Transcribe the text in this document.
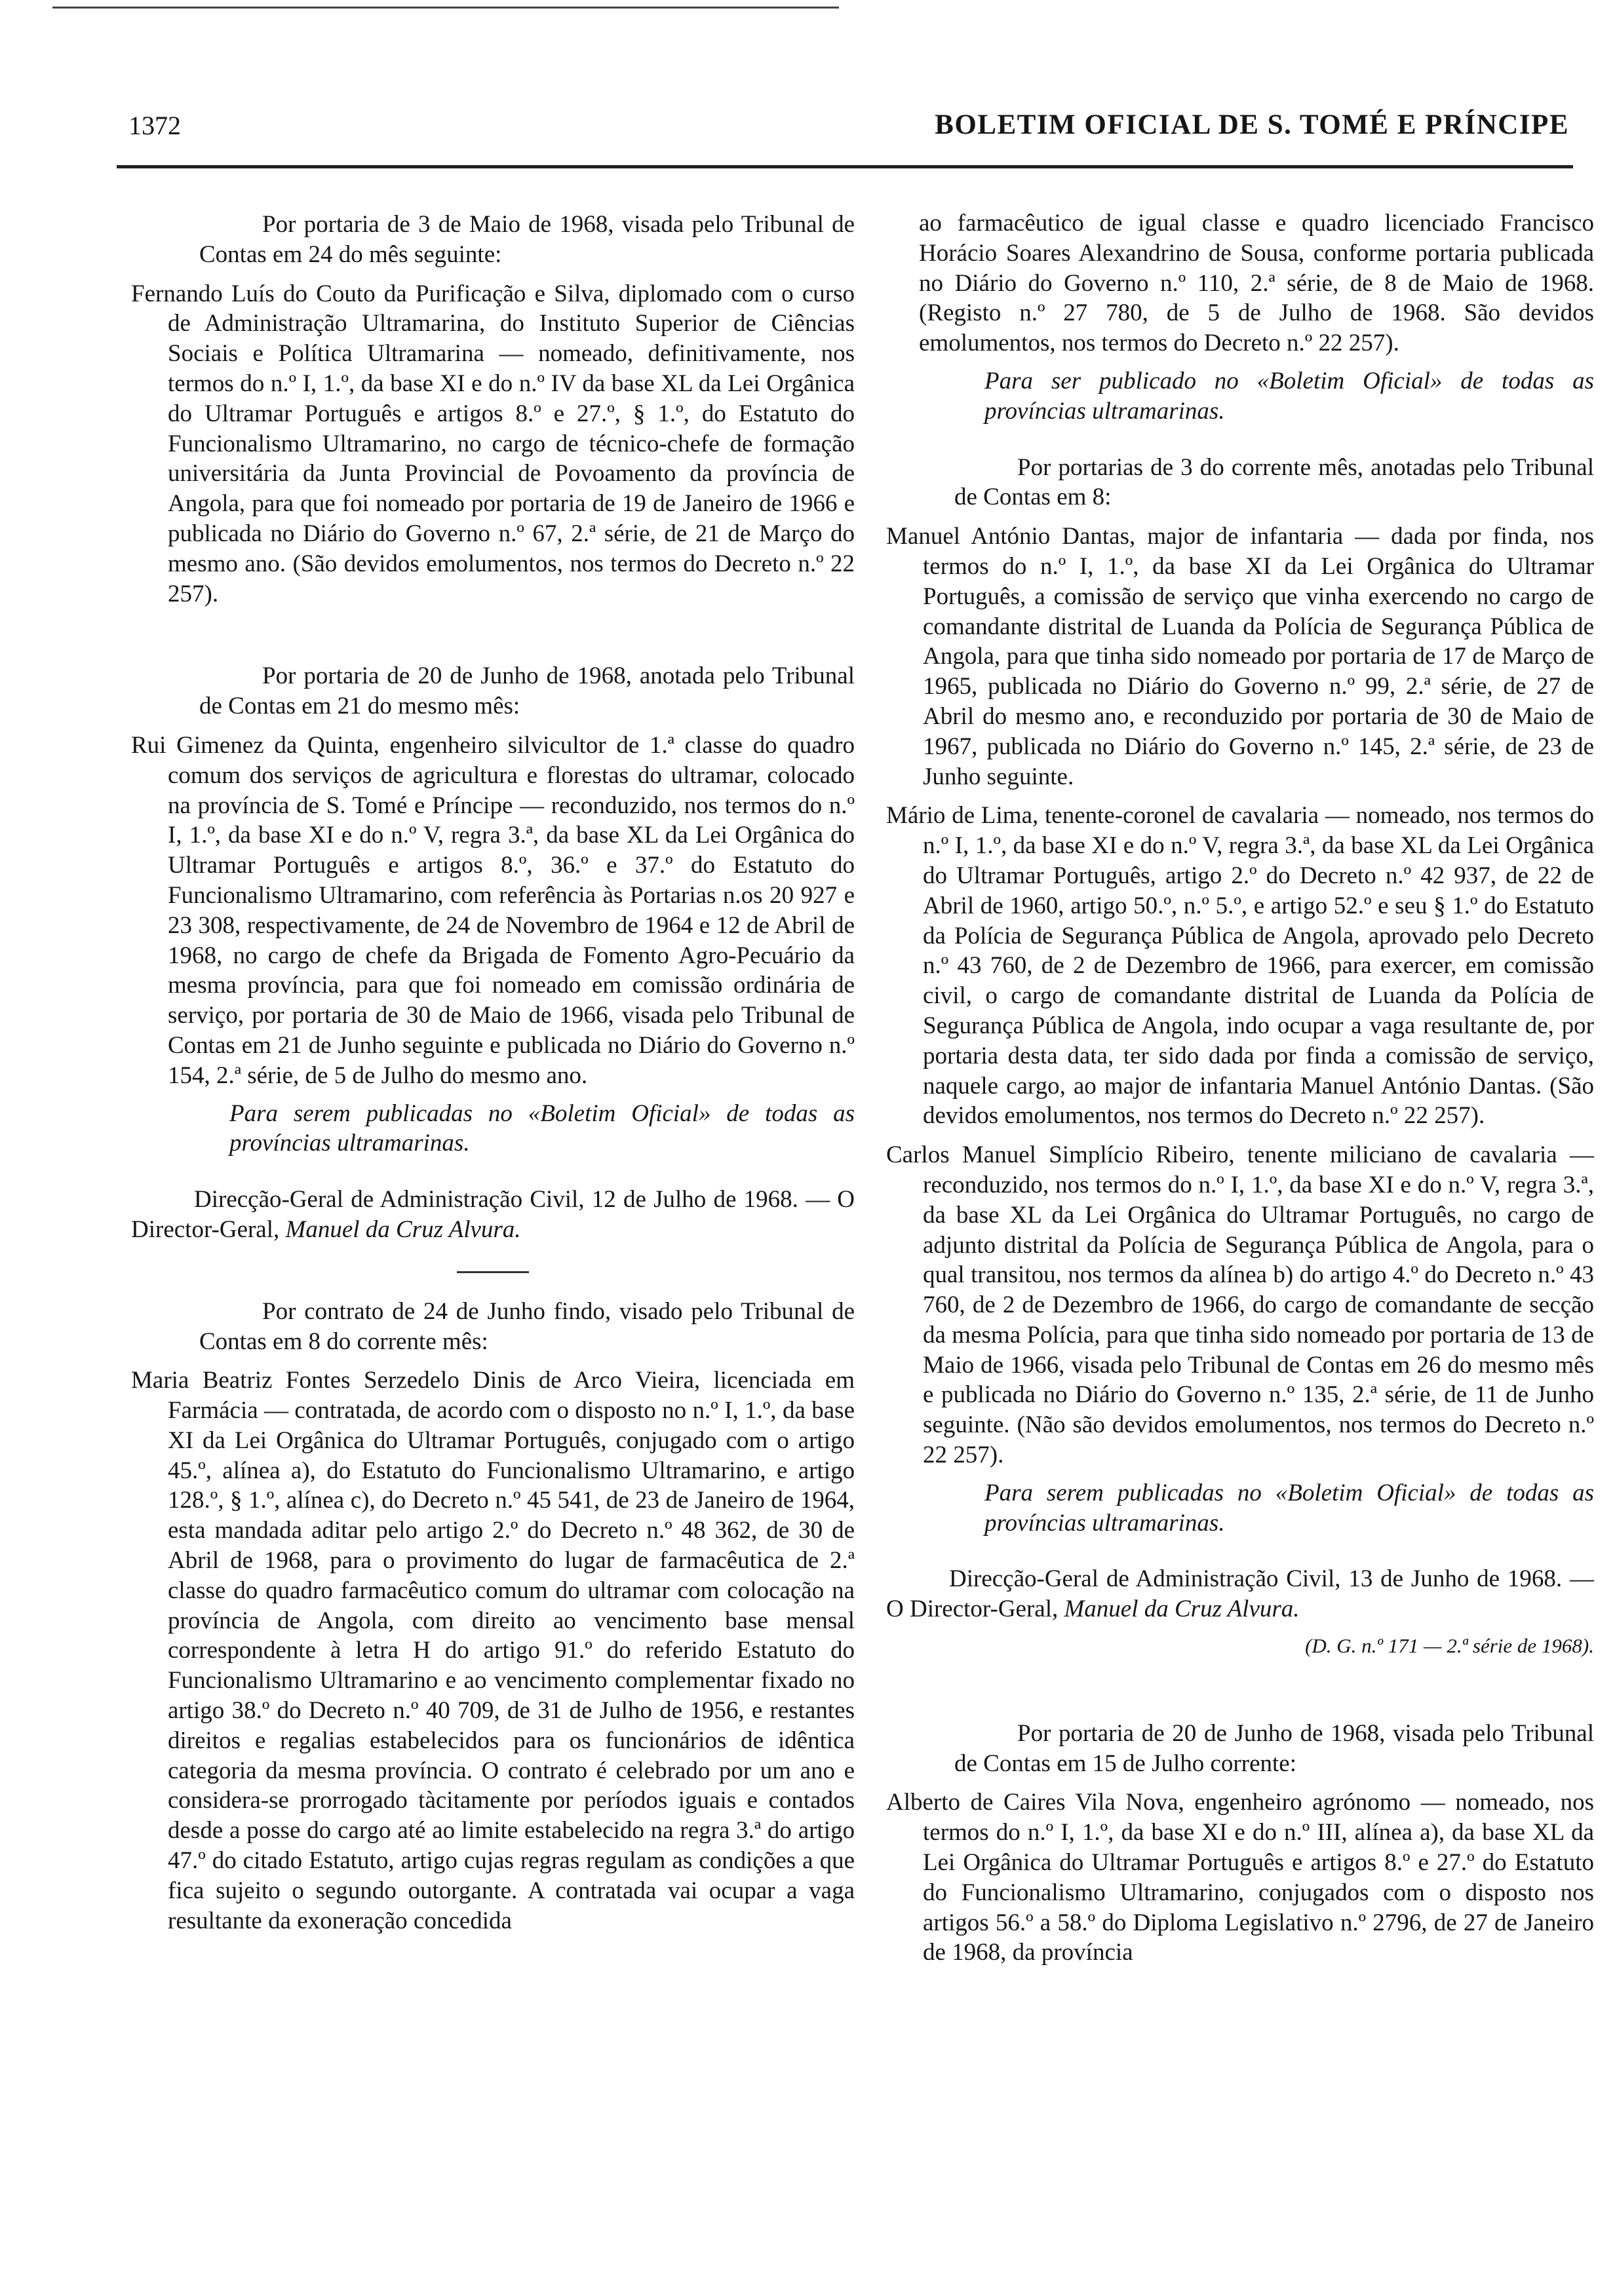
1372	BOLETIM OFICIAL DE S. TOMÉ E PRÍNCIPE

Por portaria de 3 de Maio de 1968, visada pelo Tribunal de Contas em 24 do mês seguinte:

Fernando Luís do Couto da Purificação e Silva, diplomado com o curso de Administração Ultramarina, do Instituto Superior de Ciências Sociais e Política Ultramarina — nomeado, definitivamente, nos termos do n.º I, 1.º, da base XI e do n.º IV da base XL da Lei Orgânica do Ultramar Português e artigos 8.º e 27.º, § 1.º, do Estatuto do Funcionalismo Ultramarino, no cargo de técnico-chefe de formação universitária da Junta Provincial de Povoamento da província de Angola, para que foi nomeado por portaria de 19 de Janeiro de 1966 e publicada no Diário do Governo n.º 67, 2.ª série, de 21 de Março do mesmo ano. (São devidos emolumentos, nos termos do Decreto n.º 22 257).

Por portaria de 20 de Junho de 1968, anotada pelo Tribunal de Contas em 21 do mesmo mês:

Rui Gimenez da Quinta, engenheiro silvicultor de 1.ª classe do quadro comum dos serviços de agricultura e florestas do ultramar, colocado na província de S. Tomé e Príncipe — reconduzido, nos termos do n.º I, 1.º, da base XI e do n.º V, regra 3.ª, da base XL da Lei Orgânica do Ultramar Português e artigos 8.º, 36.º e 37.º do Estatuto do Funcionalismo Ultramarino, com referência às Portarias n.os 20 927 e 23 308, respectivamente, de 24 de Novembro de 1964 e 12 de Abril de 1968, no cargo de chefe da Brigada de Fomento Agro-Pecuário da mesma província, para que foi nomeado em comissão ordinária de serviço, por portaria de 30 de Maio de 1966, visada pelo Tribunal de Contas em 21 de Junho seguinte e publicada no Diário do Governo n.º 154, 2.ª série, de 5 de Julho do mesmo ano.

Para serem publicadas no «Boletim Oficial» de todas as províncias ultramarinas.

Direcção-Geral de Administração Civil, 12 de Julho de 1968. — O Director-Geral, Manuel da Cruz Alvura.

Por contrato de 24 de Junho findo, visado pelo Tribunal de Contas em 8 do corrente mês:

Maria Beatriz Fontes Serzedelo Dinis de Arco Vieira, licenciada em Farmácia — contratada, de acordo com o disposto no n.º I, 1.º, da base XI da Lei Orgânica do Ultramar Português, conjugado com o artigo 45.º, alínea a), do Estatuto do Funcionalismo Ultramarino, e artigo 128.º, § 1.º, alínea c), do Decreto n.º 45 541, de 23 de Janeiro de 1964, esta mandada aditar pelo artigo 2.º do Decreto n.º 48 362, de 30 de Abril de 1968, para o provimento do lugar de farmacêutica de 2.ª classe do quadro farmacêutico comum do ultramar com colocação na província de Angola, com direito ao vencimento base mensal correspondente à letra H do artigo 91.º do referido Estatuto do Funcionalismo Ultramarino e ao vencimento complementar fixado no artigo 38.º do Decreto n.º 40 709, de 31 de Julho de 1956, e restantes direitos e regalias estabelecidos para os funcionários de idêntica categoria da mesma província. O contrato é celebrado por um ano e considera-se prorrogado tàcitamente por períodos iguais e contados desde a posse do cargo até ao limite estabelecido na regra 3.ª do artigo 47.º do citado Estatuto, artigo cujas regras regulam as condições a que fica sujeito o segundo outorgante. A contratada vai ocupar a vaga resultante da exoneração concedida

ao farmacêutico de igual classe e quadro licenciado Francisco Horácio Soares Alexandrino de Sousa, conforme portaria publicada no Diário do Governo n.º 110, 2.ª série, de 8 de Maio de 1968. (Registo n.º 27 780, de 5 de Julho de 1968. São devidos emolumentos, nos termos do Decreto n.º 22 257).

Para ser publicado no «Boletim Oficial» de todas as províncias ultramarinas.

Por portarias de 3 do corrente mês, anotadas pelo Tribunal de Contas em 8:

Manuel António Dantas, major de infantaria — dada por finda, nos termos do n.º I, 1.º, da base XI da Lei Orgânica do Ultramar Português, a comissão de serviço que vinha exercendo no cargo de comandante distrital de Luanda da Polícia de Segurança Pública de Angola, para que tinha sido nomeado por portaria de 17 de Março de 1965, publicada no Diário do Governo n.º 99, 2.ª série, de 27 de Abril do mesmo ano, e reconduzido por portaria de 30 de Maio de 1967, publicada no Diário do Governo n.º 145, 2.ª série, de 23 de Junho seguinte.

Mário de Lima, tenente-coronel de cavalaria — nomeado, nos termos do n.º I, 1.º, da base XI e do n.º V, regra 3.ª, da base XL da Lei Orgânica do Ultramar Português, artigo 2.º do Decreto n.º 42 937, de 22 de Abril de 1960, artigo 50.º, n.º 5.º, e artigo 52.º e seu § 1.º do Estatuto da Polícia de Segurança Pública de Angola, aprovado pelo Decreto n.º 43 760, de 2 de Dezembro de 1966, para exercer, em comissão civil, o cargo de comandante distrital de Luanda da Polícia de Segurança Pública de Angola, indo ocupar a vaga resultante de, por portaria desta data, ter sido dada por finda a comissão de serviço, naquele cargo, ao major de infantaria Manuel António Dantas. (São devidos emolumentos, nos termos do Decreto n.º 22 257).

Carlos Manuel Simplício Ribeiro, tenente miliciano de cavalaria — reconduzido, nos termos do n.º I, 1.º, da base XI e do n.º V, regra 3.ª, da base XL da Lei Orgânica do Ultramar Português, no cargo de adjunto distrital da Polícia de Segurança Pública de Angola, para o qual transitou, nos termos da alínea b) do artigo 4.º do Decreto n.º 43 760, de 2 de Dezembro de 1966, do cargo de comandante de secção da mesma Polícia, para que tinha sido nomeado por portaria de 13 de Maio de 1966, visada pelo Tribunal de Contas em 26 do mesmo mês e publicada no Diário do Governo n.º 135, 2.ª série, de 11 de Junho seguinte. (Não são devidos emolumentos, nos termos do Decreto n.º 22 257).

Para serem publicadas no «Boletim Oficial» de todas as províncias ultramarinas.

Direcção-Geral de Administração Civil, 13 de Junho de 1968. — O Director-Geral, Manuel da Cruz Alvura.

(D. G. n.º 171 — 2.ª série de 1968).

Por portaria de 20 de Junho de 1968, visada pelo Tribunal de Contas em 15 de Julho corrente:

Alberto de Caires Vila Nova, engenheiro agrónomo — nomeado, nos termos do n.º I, 1.º, da base XI e do n.º III, alínea a), da base XL da Lei Orgânica do Ultramar Português e artigos 8.º e 27.º do Estatuto do Funcionalismo Ultramarino, conjugados com o disposto nos artigos 56.º a 58.º do Diploma Legislativo n.º 2796, de 27 de Janeiro de 1968, da província
